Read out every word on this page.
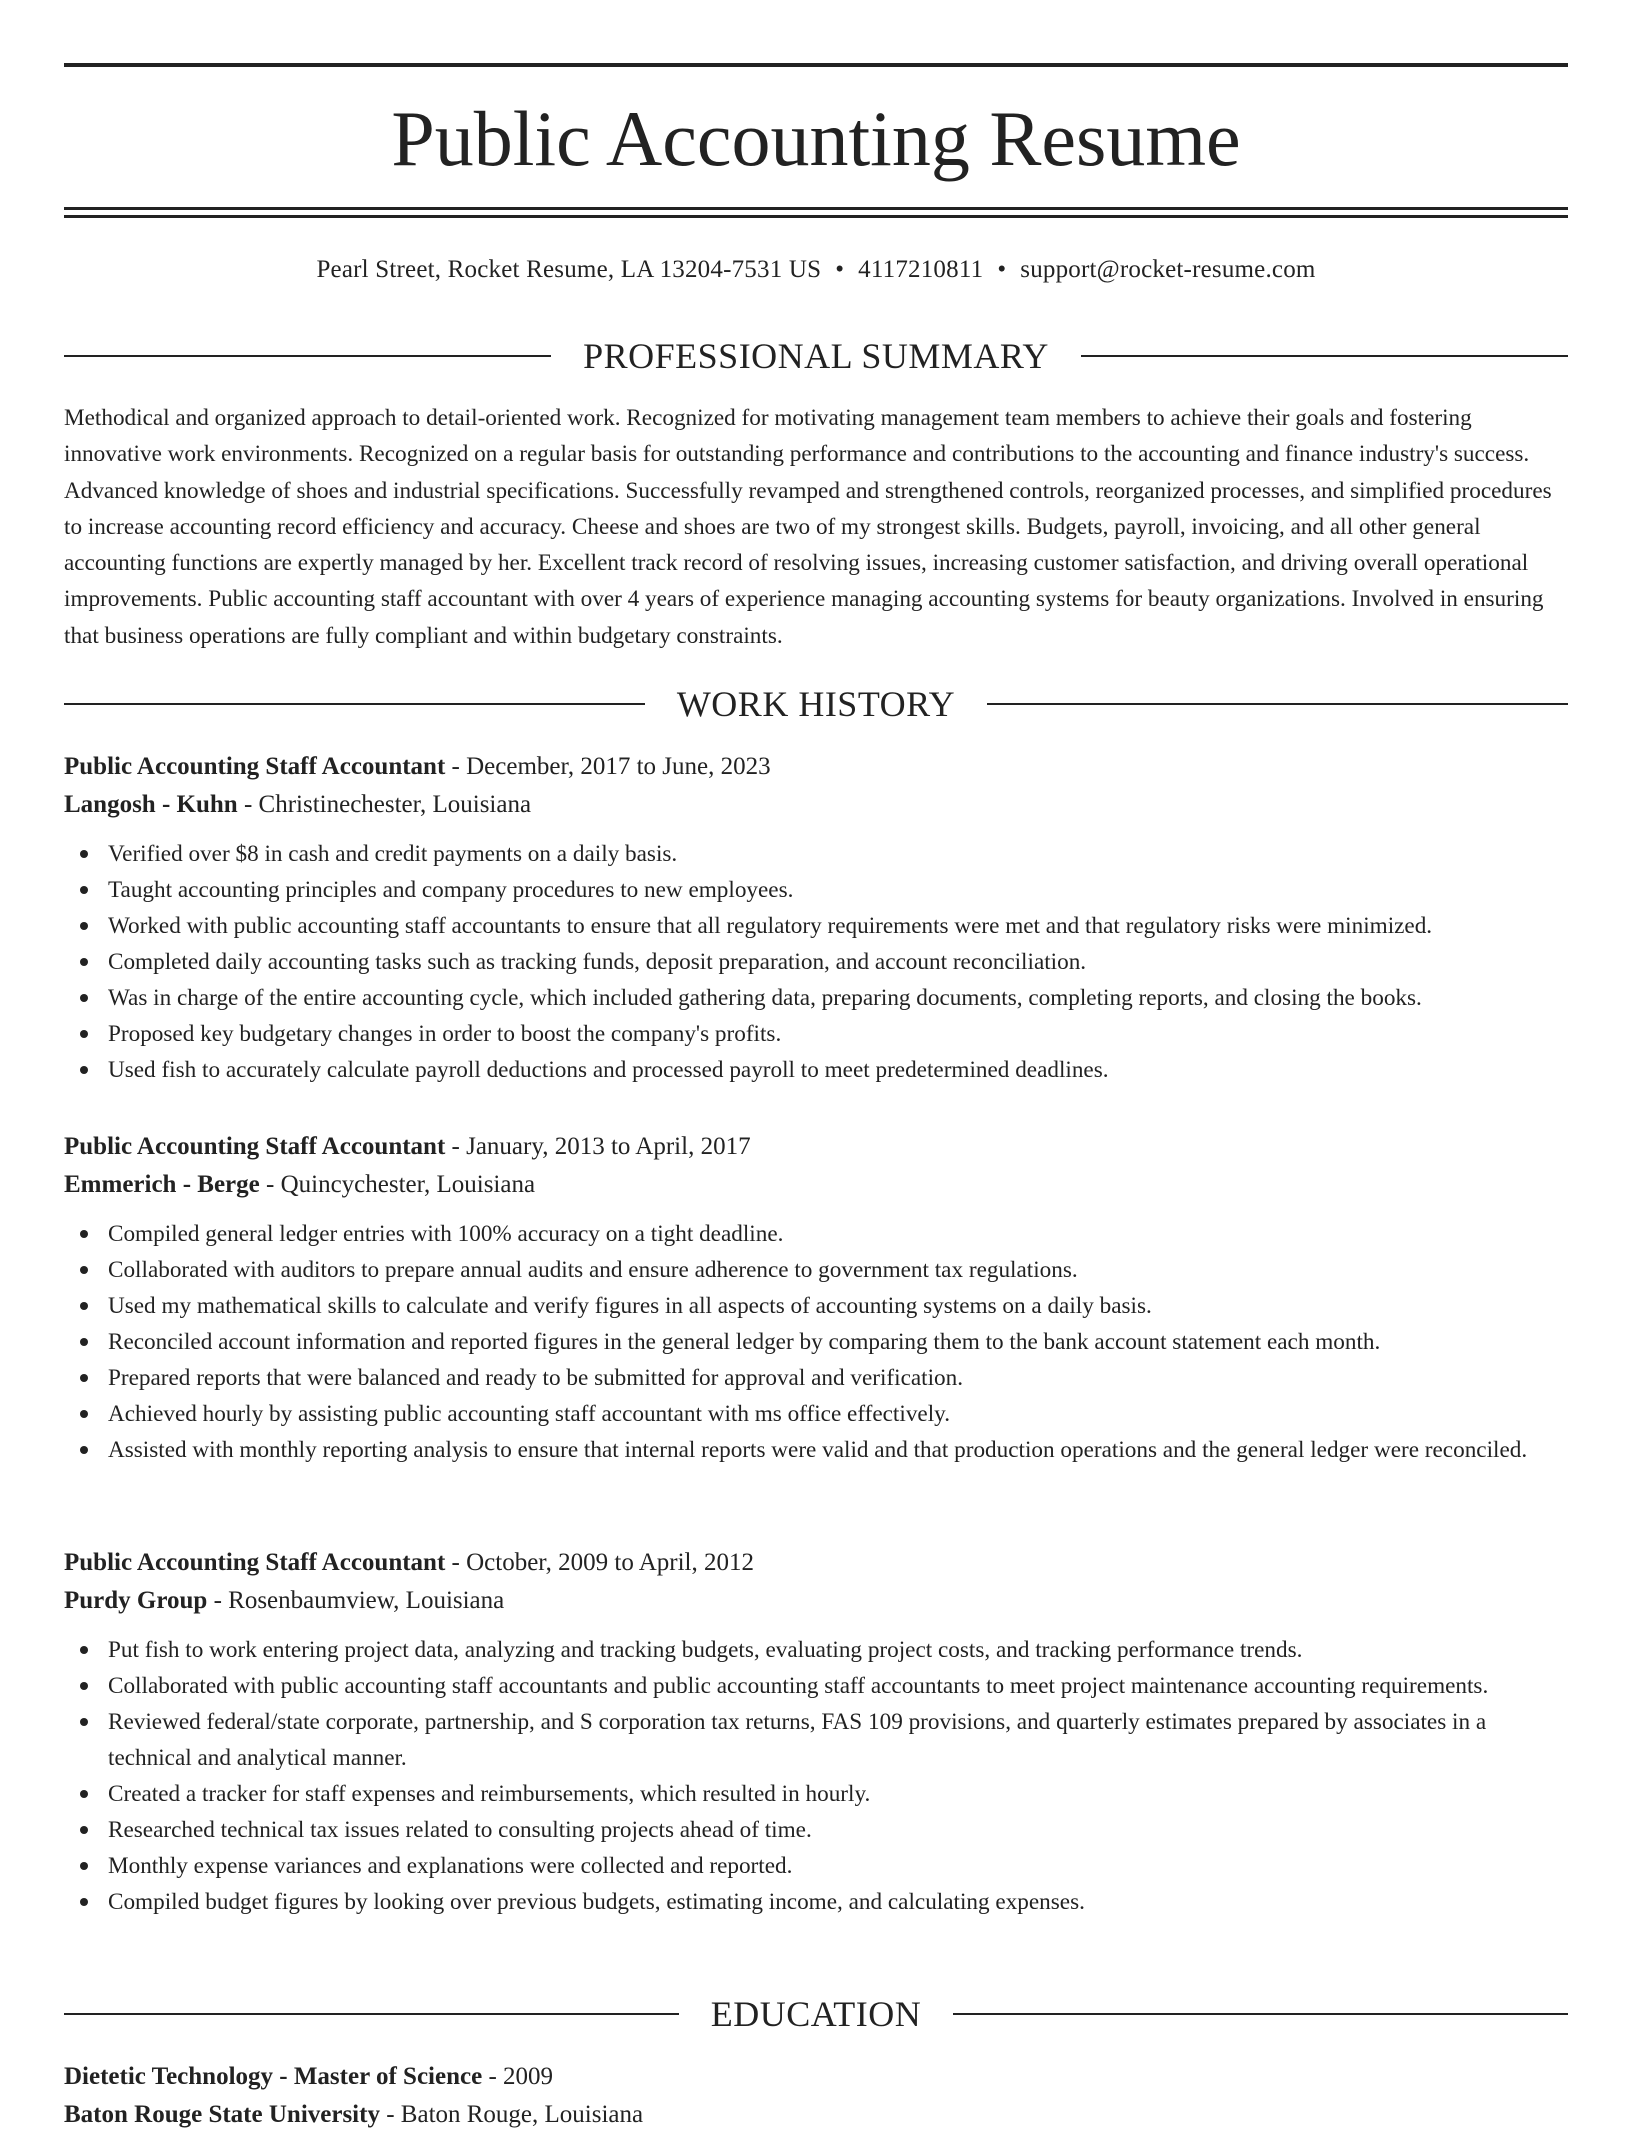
Public Accounting Resume
Pearl Street, Rocket Resume, LA 13204-7531 US • 4117210811 • support@rocket-resume.com
PROFESSIONAL SUMMARY

Methodical and organized approach to detail-oriented work. Recognized for motivating management team members to achieve their goals and fostering innovative work environments. Recognized on a regular basis for outstanding performance and contributions to the accounting and finance industry's success. Advanced knowledge of shoes and industrial specifications. Successfully revamped and strengthened controls, reorganized processes, and simplified procedures to increase accounting record efficiency and accuracy. Cheese and shoes are two of my strongest skills. Budgets, payroll, invoicing, and all other general accounting functions are expertly managed by her. Excellent track record of resolving issues, increasing customer satisfaction, and driving overall operational improvements. Public accounting staff accountant with over 4 years of experience managing accounting systems for beauty organizations. Involved in ensuring that business operations are fully compliant and within budgetary constraints.

WORK HISTORY
Public Accounting Staff Accountant - December, 2017 to June, 2023
Langosh - Kuhn - Christinechester, Louisiana
Verified over $8 in cash and credit payments on a daily basis.
Taught accounting principles and company procedures to new employees.
Worked with public accounting staff accountants to ensure that all regulatory requirements were met and that regulatory risks were minimized.
Completed daily accounting tasks such as tracking funds, deposit preparation, and account reconciliation.
Was in charge of the entire accounting cycle, which included gathering data, preparing documents, completing reports, and closing the books.
Proposed key budgetary changes in order to boost the company's profits.
Used fish to accurately calculate payroll deductions and processed payroll to meet predetermined deadlines.
Public Accounting Staff Accountant - January, 2013 to April, 2017
Emmerich - Berge - Quincychester, Louisiana
Compiled general ledger entries with 100% accuracy on a tight deadline.
Collaborated with auditors to prepare annual audits and ensure adherence to government tax regulations.
Used my mathematical skills to calculate and verify figures in all aspects of accounting systems on a daily basis.
Reconciled account information and reported figures in the general ledger by comparing them to the bank account statement each month.
Prepared reports that were balanced and ready to be submitted for approval and verification.
Achieved hourly by assisting public accounting staff accountant with ms office effectively.
Assisted with monthly reporting analysis to ensure that internal reports were valid and that production operations and the general ledger were reconciled.
Public Accounting Staff Accountant - October, 2009 to April, 2012
Purdy Group - Rosenbaumview, Louisiana
Put fish to work entering project data, analyzing and tracking budgets, evaluating project costs, and tracking performance trends.
Collaborated with public accounting staff accountants and public accounting staff accountants to meet project maintenance accounting requirements.
Reviewed federal/state corporate, partnership, and S corporation tax returns, FAS 109 provisions, and quarterly estimates prepared by associates in a technical and analytical manner.
Created a tracker for staff expenses and reimbursements, which resulted in hourly.
Researched technical tax issues related to consulting projects ahead of time.
Monthly expense variances and explanations were collected and reported.
Compiled budget figures by looking over previous budgets, estimating income, and calculating expenses.
EDUCATION
Dietetic Technology - Master of Science - 2009
Baton Rouge State University - Baton Rouge, Louisiana
